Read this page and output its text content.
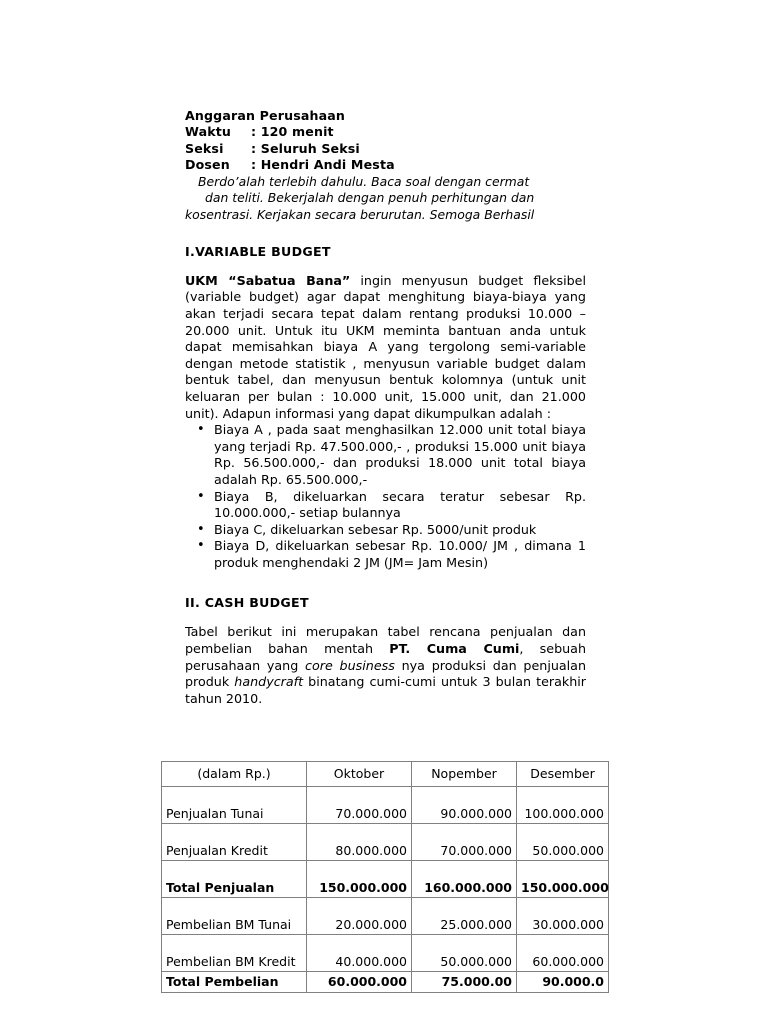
Anggaran Perusahaan
Waktu : 120 menit
Seksi : Seluruh Seksi
Dosen : Hendri Andi Mesta
Berdo’alah terlebih dahulu. Baca soal dengan cermat
dan teliti. Bekerjalah dengan penuh perhitungan dan
kosentrasi. Kerjakan secara berurutan. Semoga Berhasil
I.VARIABLE BUDGET
UKM “Sabatua Bana” ingin menyusun budget fleksibel (variable budget) agar dapat menghitung biaya-biaya yang akan terjadi secara tepat dalam rentang produksi 10.000 – 20.000 unit. Untuk itu UKM meminta bantuan anda untuk dapat memisahkan biaya A yang tergolong semi-variable dengan metode statistik , menyusun variable budget dalam bentuk tabel, dan menyusun bentuk kolomnya (untuk unit keluaran per bulan : 10.000 unit, 15.000 unit, dan 21.000 unit). Adapun informasi yang dapat dikumpulkan adalah :
• Biaya A , pada saat menghasilkan 12.000 unit total biaya yang terjadi Rp. 47.500.000,- , produksi 15.000 unit biaya Rp. 56.500.000,- dan produksi 18.000 unit total biaya adalah Rp. 65.500.000,-
• Biaya B, dikeluarkan secara teratur sebesar Rp. 10.000.000,- setiap bulannya
• Biaya C, dikeluarkan sebesar Rp. 5000/unit produk
• Biaya D, dikeluarkan sebesar Rp. 10.000/ JM , dimana 1 produk menghendaki 2 JM (JM= Jam Mesin)
II. CASH BUDGET
Tabel berikut ini merupakan tabel rencana penjualan dan pembelian bahan mentah PT. Cuma Cumi, sebuah perusahaan yang core business nya produksi dan penjualan produk handycraft binatang cumi-cumi untuk 3 bulan terakhir tahun 2010.
(dalam Rp.)	Oktober	Nopember	Desember
Penjualan Tunai	70.000.000	90.000.000	100.000.000
Penjualan Kredit	80.000.000	70.000.000	50.000.000
Total Penjualan	150.000.000	160.000.000	150.000.000
Pembelian BM Tunai	20.000.000	25.000.000	30.000.000
Pembelian BM Kredit	40.000.000	50.000.000	60.000.000
Total Pembelian	60.000.000	75.000.00	90.000.0
